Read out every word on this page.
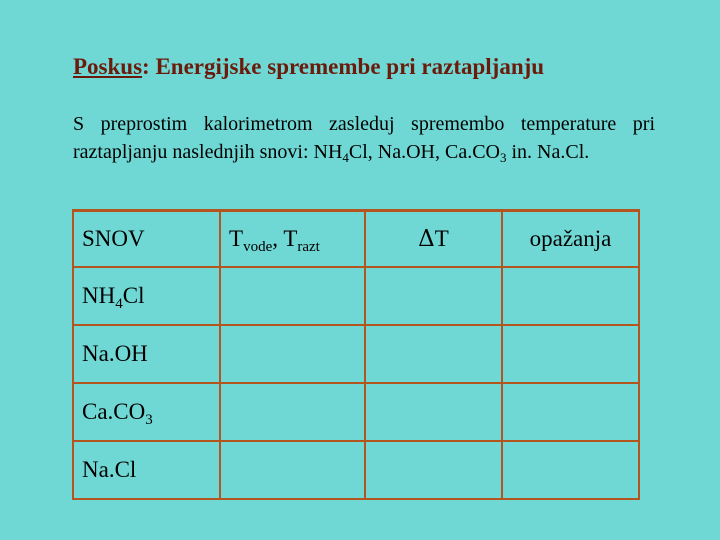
Poskus: Energijske spremembe pri raztapljanju
S preprostim kalorimetrom zasleduj spremembo temperature pri raztapljanju naslednjih snovi: $NH_4Cl$, Na.OH, $Ca.CO_3$ in. Na.Cl.
SNOV	$T_{vode}$, $T_{razt}$	ΔT	opažanja
$NH_4Cl$			
Na.OH			
$Ca.CO_3$			
Na.Cl			
